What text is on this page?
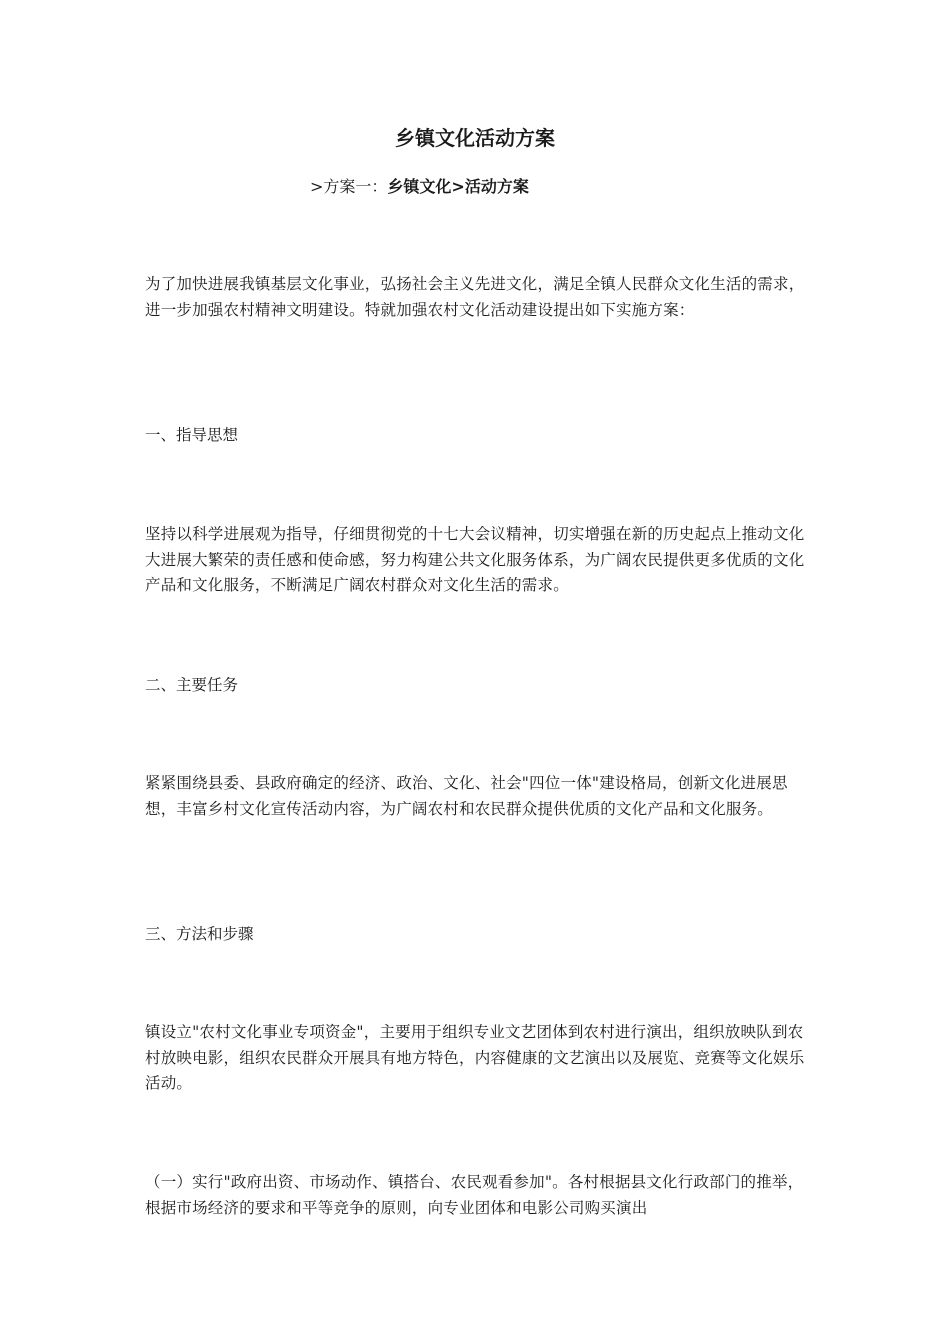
乡镇文化活动方案
>方案一：乡镇文化>活动方案

为了加快进展我镇基层文化事业，弘扬社会主义先进文化，满足全镇人民群众文化生活的需求，进一步加强农村精神文明建设。特就加强农村文化活动建设提出如下实施方案：

一、指导思想

坚持以科学进展观为指导，仔细贯彻党的十七大会议精神，切实增强在新的历史起点上推动文化大进展大繁荣的责任感和使命感，努力构建公共文化服务体系，为广阔农民提供更多优质的文化产品和文化服务，不断满足广阔农村群众对文化生活的需求。

二、主要任务

紧紧围绕县委、县政府确定的经济、政治、文化、社会"四位一体"建设格局，创新文化进展思想，丰富乡村文化宣传活动内容，为广阔农村和农民群众提供优质的文化产品和文化服务。

三、方法和步骤

镇设立"农村文化事业专项资金"，主要用于组织专业文艺团体到农村进行演出，组织放映队到农村放映电影，组织农民群众开展具有地方特色，内容健康的文艺演出以及展览、竞赛等文化娱乐活动。

（一）实行"政府出资、市场动作、镇搭台、农民观看参加"。各村根据县文化行政部门的推举，根据市场经济的要求和平等竞争的原则，向专业团体和电影公司购买演出
